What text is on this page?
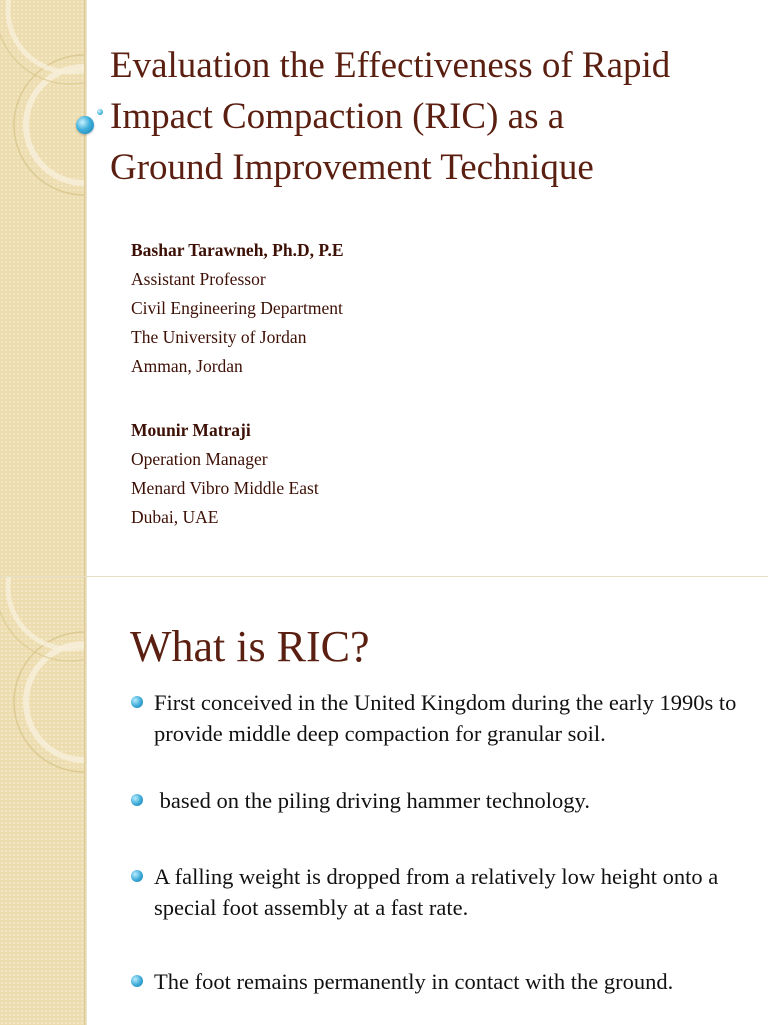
Evaluation the Effectiveness of Rapid
Impact Compaction (RIC) as a
Ground Improvement Technique
Bashar Tarawneh, Ph.D, P.E
Assistant Professor
Civil Engineering Department
The University of Jordan
Amman, Jordan
Mounir Matraji
Operation Manager
Menard Vibro Middle East
Dubai, UAE
What is RIC?
First conceived in the United Kingdom during the early 1990s to provide middle deep compaction for granular soil.
based on the piling driving hammer technology.
A falling weight is dropped from a relatively low height onto a special foot assembly at a fast rate.
The foot remains permanently in contact with the ground.
